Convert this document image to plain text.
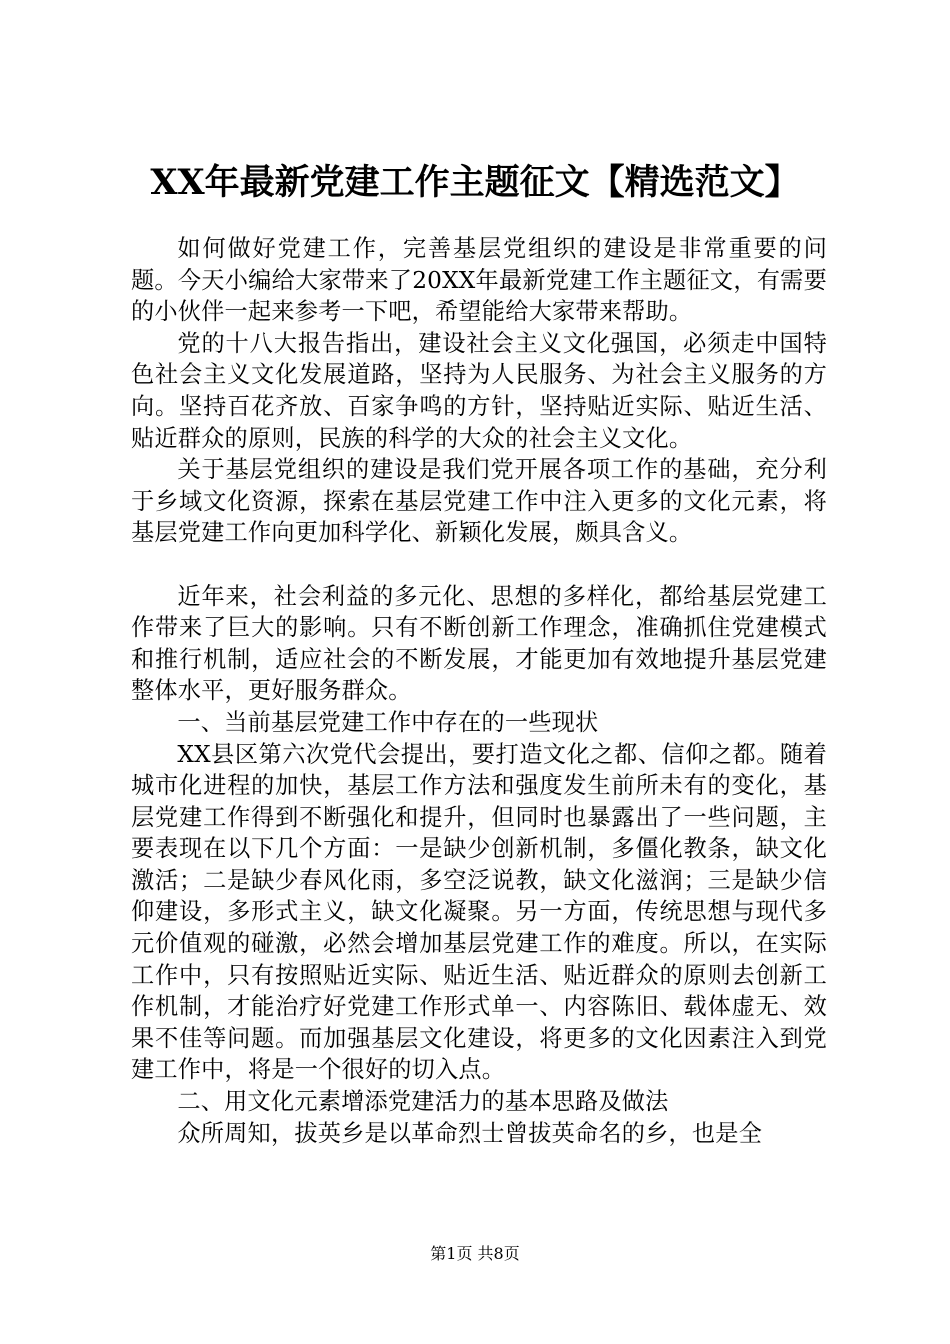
XX年最新党建工作主题征文【精选范文】

如何做好党建工作，完善基层党组织的建设是非常重要的问题。今天小编给大家带来了20XX年最新党建工作主题征文，有需要的小伙伴一起来参考一下吧，希望能给大家带来帮助。

党的十八大报告指出，建设社会主义文化强国，必须走中国特色社会主义文化发展道路，坚持为人民服务、为社会主义服务的方向。坚持百花齐放、百家争鸣的方针，坚持贴近实际、贴近生活、贴近群众的原则，民族的科学的大众的社会主义文化。

关于基层党组织的建设是我们党开展各项工作的基础，充分利于乡域文化资源，探索在基层党建工作中注入更多的文化元素，将基层党建工作向更加科学化、新颖化发展，颇具含义。

近年来，社会利益的多元化、思想的多样化，都给基层党建工作带来了巨大的影响。只有不断创新工作理念，准确抓住党建模式和推行机制，适应社会的不断发展，才能更加有效地提升基层党建整体水平，更好服务群众。

一、当前基层党建工作中存在的一些现状

XX县区第六次党代会提出，要打造文化之都、信仰之都。随着城市化进程的加快，基层工作方法和强度发生前所未有的变化，基层党建工作得到不断强化和提升，但同时也暴露出了一些问题，主要表现在以下几个方面：一是缺少创新机制，多僵化教条，缺文化激活；二是缺少春风化雨，多空泛说教，缺文化滋润；三是缺少信仰建设，多形式主义，缺文化凝聚。另一方面，传统思想与现代多元价值观的碰激，必然会增加基层党建工作的难度。所以，在实际工作中，只有按照贴近实际、贴近生活、贴近群众的原则去创新工作机制，才能治疗好党建工作形式单一、内容陈旧、载体虚无、效果不佳等问题。而加强基层文化建设，将更多的文化因素注入到党建工作中，将是一个很好的切入点。

二、用文化元素增添党建活力的基本思路及做法

众所周知，拔英乡是以革命烈士曾拔英命名的乡，也是全

第1页 共8页
